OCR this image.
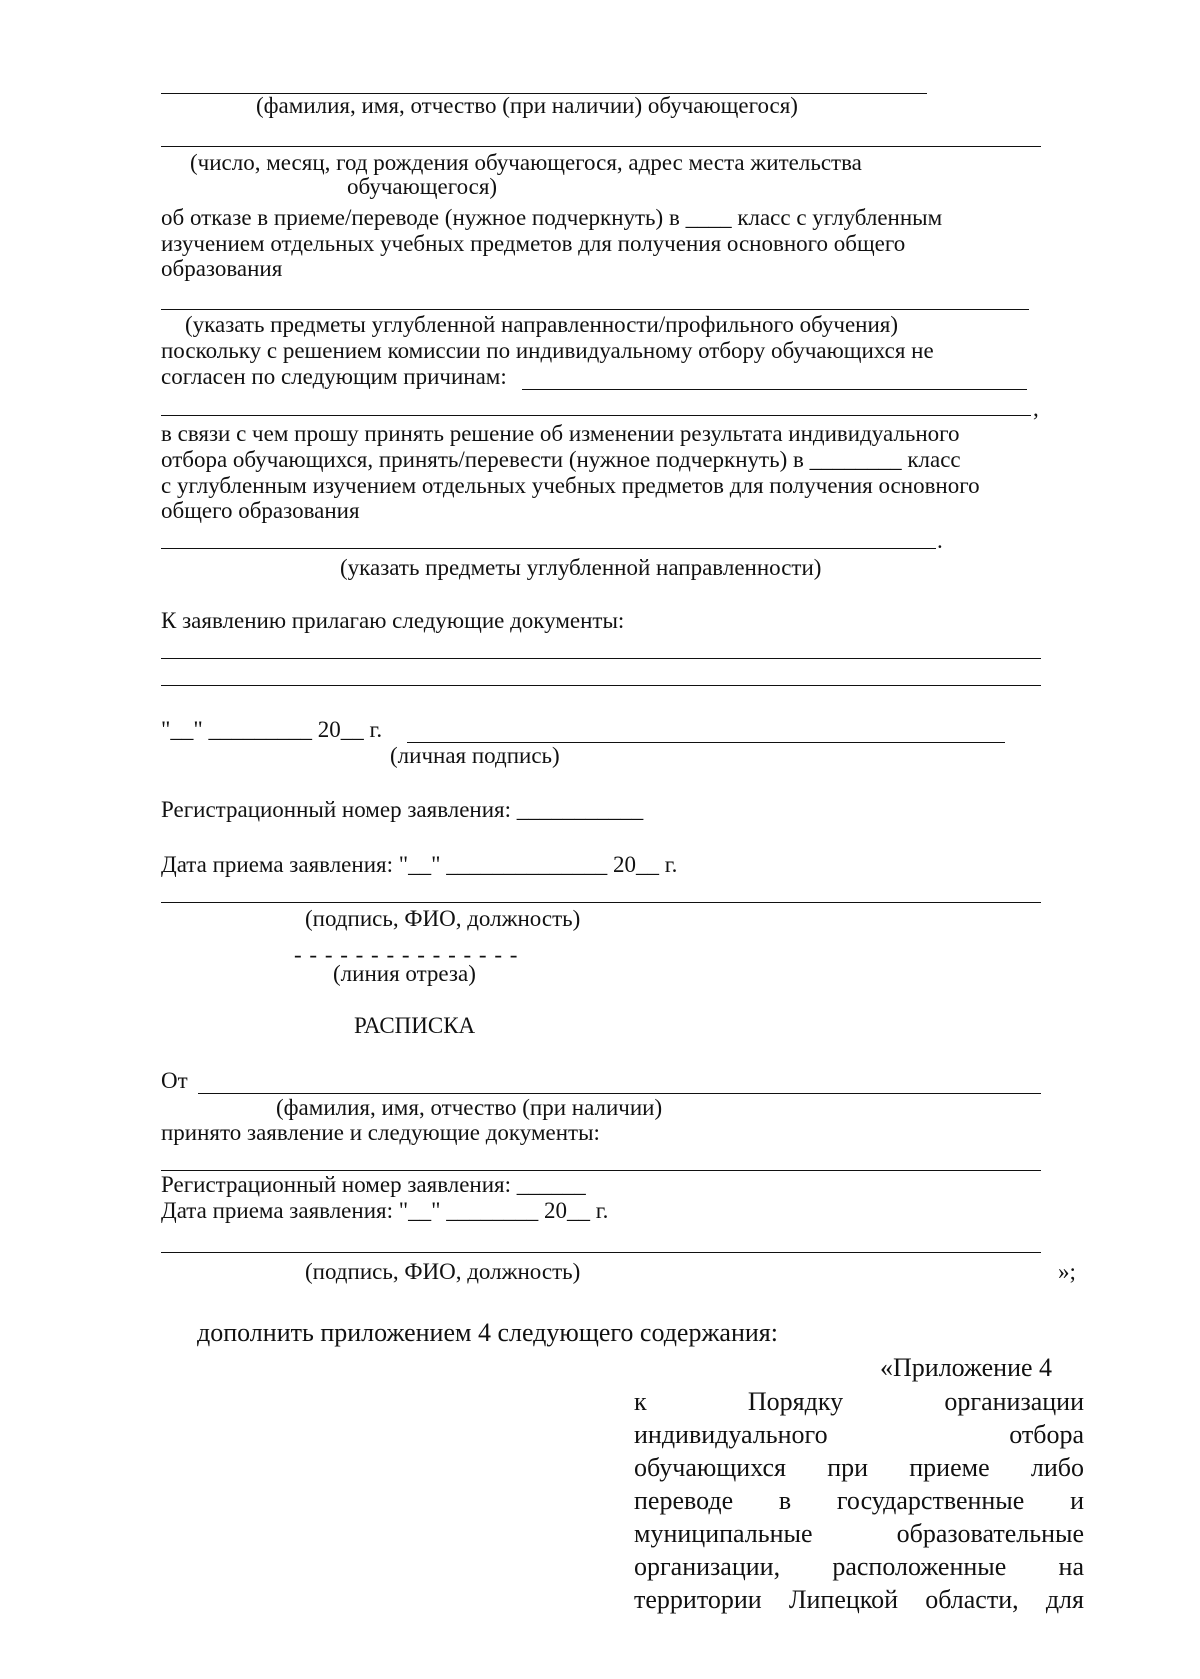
(фамилия, имя, отчество (при наличии) обучающегося)
(число, месяц, год рождения обучающегося, адрес места жительства
обучающегося)
об отказе в приеме/переводе (нужное подчеркнуть) в ____ класс с углубленным
изучением отдельных учебных предметов для получения основного общего
образования
(указать предметы углубленной направленности/профильного обучения)
поскольку с решением комиссии по индивидуальному отбору обучающихся не
согласен по следующим причинам:
,
в связи с чем прошу принять решение об изменении результата индивидуального
отбора обучающихся, принять/перевести (нужное подчеркнуть) в ________ класс
с углубленным изучением отдельных учебных предметов для получения основного
общего образования
.
(указать предметы углубленной направленности)
К заявлению прилагаю следующие документы:
"__" _________ 20__ г.
(личная подпись)
Регистрационный номер заявления: ___________
Дата приема заявления: "__" ______________ 20__ г.
(подпись, ФИО, должность)
- - - - - - - - - - - - - - -
(линия отреза)
РАСПИСКА
От
(фамилия, имя, отчество (при наличии)
принято заявление и следующие документы:
Регистрационный номер заявления: ______
Дата приема заявления: "__" ________ 20__ г.
(подпись, ФИО, должность)	»;
дополнить приложением 4 следующего содержания:
«Приложение 4
к Порядку организации
индивидуального отбора
обучающихся при приеме либо
переводе в государственные и
муниципальные образовательные
организации, расположенные на
территории Липецкой области, для
